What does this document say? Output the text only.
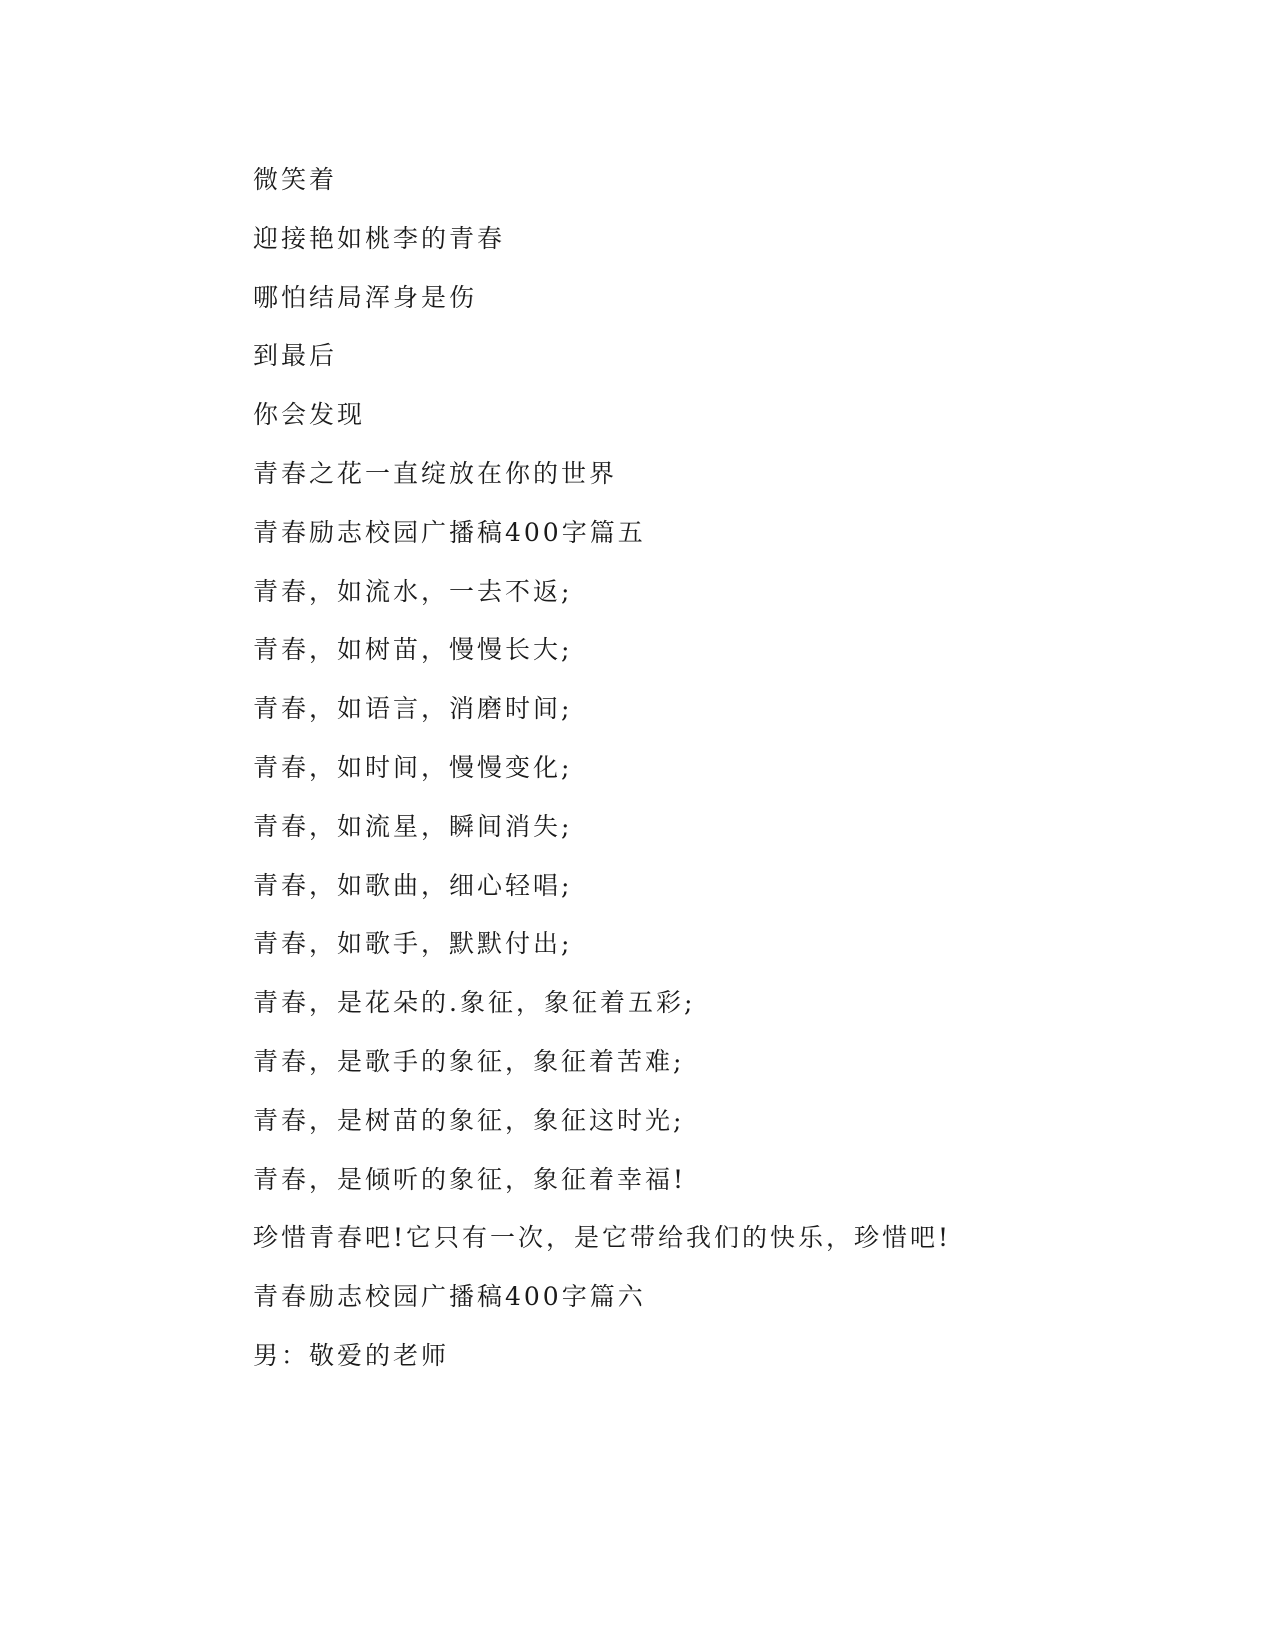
微笑着
迎接艳如桃李的青春
哪怕结局浑身是伤
到最后
你会发现
青春之花一直绽放在你的世界
青春励志校园广播稿400字篇五
青春，如流水，一去不返;
青春，如树苗，慢慢长大;
青春，如语言，消磨时间;
青春，如时间，慢慢变化;
青春，如流星，瞬间消失;
青春，如歌曲，细心轻唱;
青春，如歌手，默默付出;
青春，是花朵的.象征，象征着五彩;
青春，是歌手的象征，象征着苦难;
青春，是树苗的象征，象征这时光;
青春，是倾听的象征，象征着幸福!
珍惜青春吧!它只有一次，是它带给我们的快乐，珍惜吧!
青春励志校园广播稿400字篇六
男：敬爱的老师
